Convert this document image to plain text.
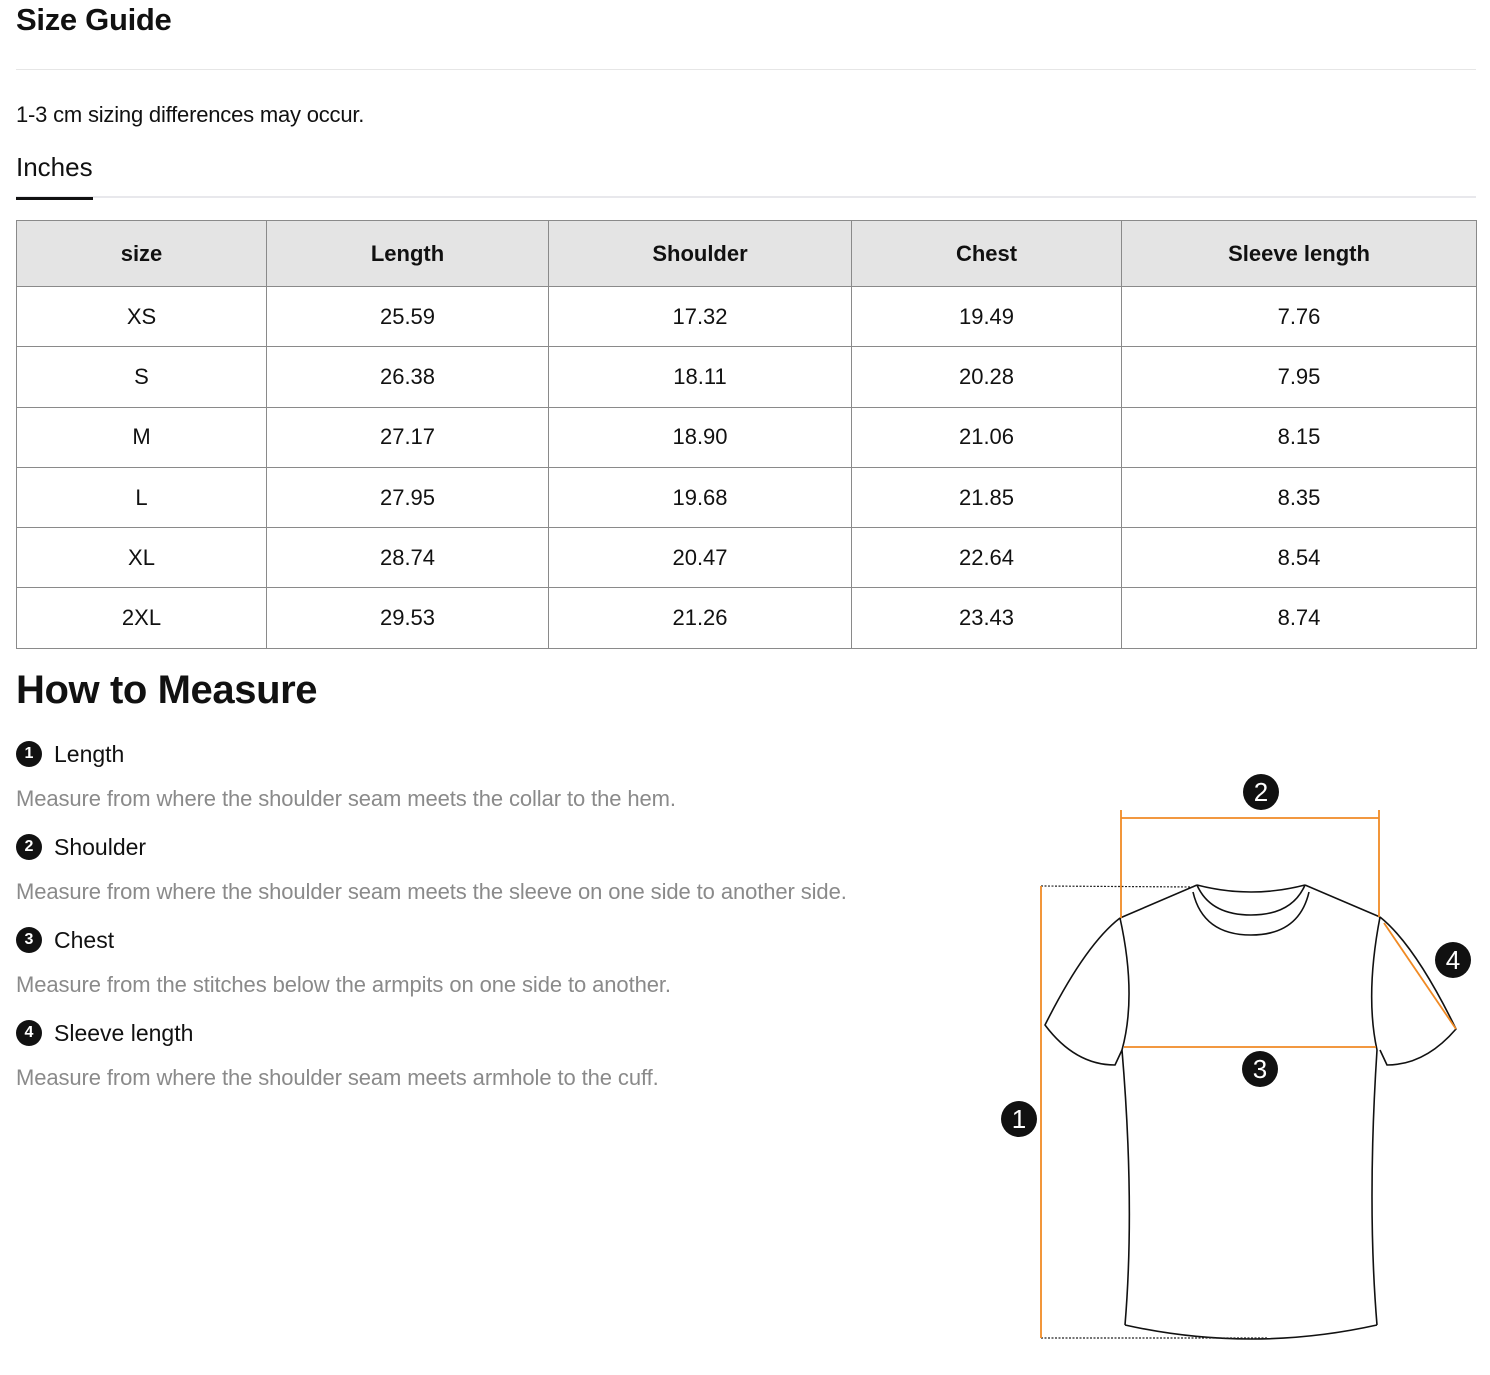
Size Guide
1-3 cm sizing differences may occur.
Inches
size	Length	Shoulder	Chest	Sleeve length
XS	25.59	17.32	19.49	7.76
S	26.38	18.11	20.28	7.95
M	27.17	18.90	21.06	8.15
L	27.95	19.68	21.85	8.35
XL	28.74	20.47	22.64	8.54
2XL	29.53	21.26	23.43	8.74
How to Measure
1 Length
Measure from where the shoulder seam meets the collar to the hem.
2 Shoulder
Measure from where the shoulder seam meets the sleeve on one side to another side.
3 Chest
Measure from the stitches below the armpits on one side to another.
4 Sleeve length
Measure from where the shoulder seam meets armhole to the cuff.
1
2
3
4
